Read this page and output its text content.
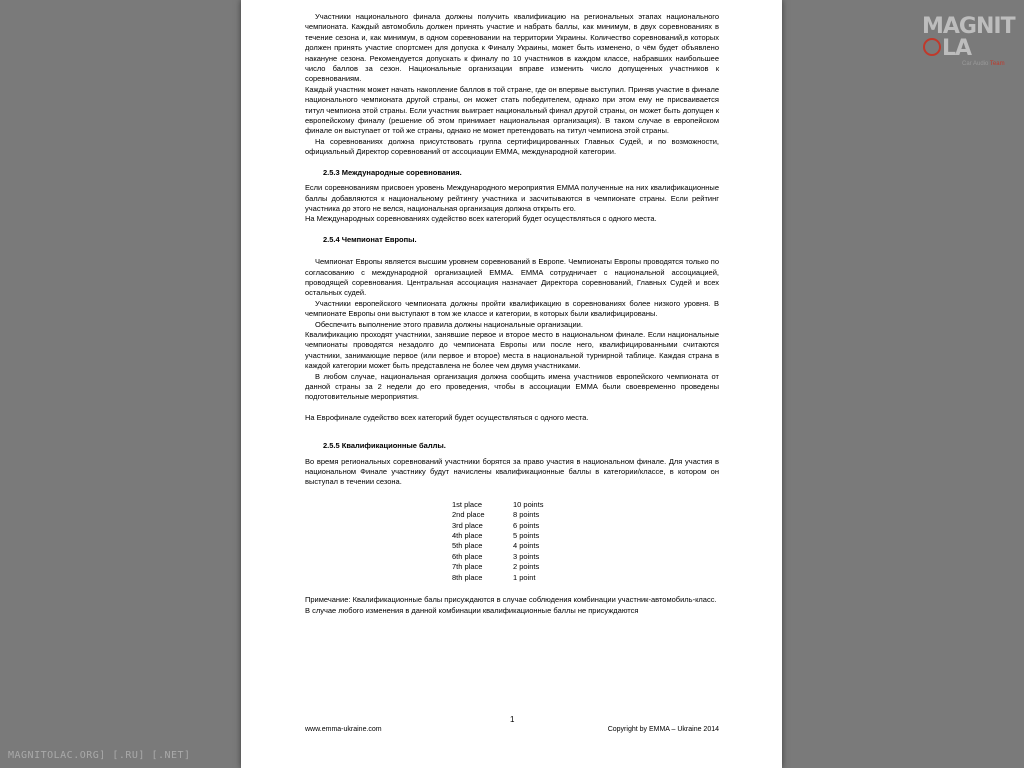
Участники национального финала должны получить квалификацию на региональных этапах национального чемпионата. Каждый автомобиль должен принять участие и набрать баллы, как минимум, в двух соревнованиях в течение сезона и, как минимум, в одном соревновании на территории Украины. Количество соревнований,в которых должен принять участие спортсмен для допуска к Финалу Украины, может быть изменено, о чём будет объявлено накануне сезона. Рекомендуется допускать к финалу по 10 участников в каждом классе, набравших наибольшее число баллов за сезон. Национальные организации вправе изменить число допущенных участников к соревнованиям.

Каждый участник может начать накопление баллов в той стране, где он впервые выступил. Приняв участие в финале национального чемпионата другой страны, он может стать победителем, однако при этом ему не присваивается титул чемпиона этой страны. Если участник выиграет национальный финал другой страны, он может быть допущен к европейскому финалу (решение об этом принимает национальная организация). В таком случае в европейском финале он выступает от той же страны, однако не может претендовать на титул чемпиона этой страны.

На соревнованиях должна присутствовать группа сертифицированных Главных Судей, и по возможности, официальный Директор соревнований от ассоциации EMMA, международной категории.

2.5.3 Международные соревнования.

Если соревнованиям присвоен уровень Международного мероприятия EMMA полученные на них квалификационные баллы добавляются к национальному рейтингу участника и засчитываются в чемпионате страны. Если рейтинг участника до этого не велся, национальная организация должна открыть его.

На Международных соревнованиях судейство всех категорий будет осуществляться с одного места.

2.5.4 Чемпионат Европы.

Чемпионат Европы является высшим уровнем соревнований в Европе. Чемпионаты Европы проводятся только по согласованию с международной организацией EMMA. EMMA сотрудничает с национальной ассоциацией, проводящей соревнования. Центральная ассоциация назначает Директора соревнований, Главных Судей и всех остальных судей.

Участники европейского чемпионата должны пройти квалификацию в соревнованиях более низкого уровня. В чемпионате Европы они выступают в том же классе и категории, в которых были квалифицированы.

Обеспечить выполнение этого правила должны национальные организации.

Квалификацию проходят участники, занявшие первое и второе место в национальном финале. Если национальные чемпионаты проводятся незадолго до чемпионата Европы или после него, квалифицированными считаются участники, занимающие первое (или первое и второе) места в национальной турнирной таблице. Каждая страна в каждой категории может быть представлена не более чем двумя участниками.

В любом случае, национальная организация должна сообщить имена участников европейского чемпионата от данной страны за 2 недели до его проведения, чтобы в ассоциации EMMA были своевременно проведены подготовительные мероприятия.

На Еврофинале судейство всех категорий будет осуществляться с одного места.

2.5.5 Квалификационные баллы.

Во время региональных соревнований участники борятся за право участия в национальном финале. Для участия в национальном Финале участнику будут начислены квалификационные баллы в категории/классе, в котором он выступал в течении сезона.

1st place	10 points
2nd place	8 points
3rd place	6 points
4th place	5 points
5th place	4 points
6th place	3 points
7th place	2 points
8th place	1 point

Примечание: Квалификационные балы присуждаются в случае соблюдения комбинации участник-автомобиль-класс.

В случае любого изменения в данной комбинации квалификационные баллы не присуждаются

1
www.emma-ukraine.com	Copyright by EMMA – Ukraine 2014
MAGNITLA
Car Audio Team
MAGNITOLAC.ORG] [.RU] [.NET]
